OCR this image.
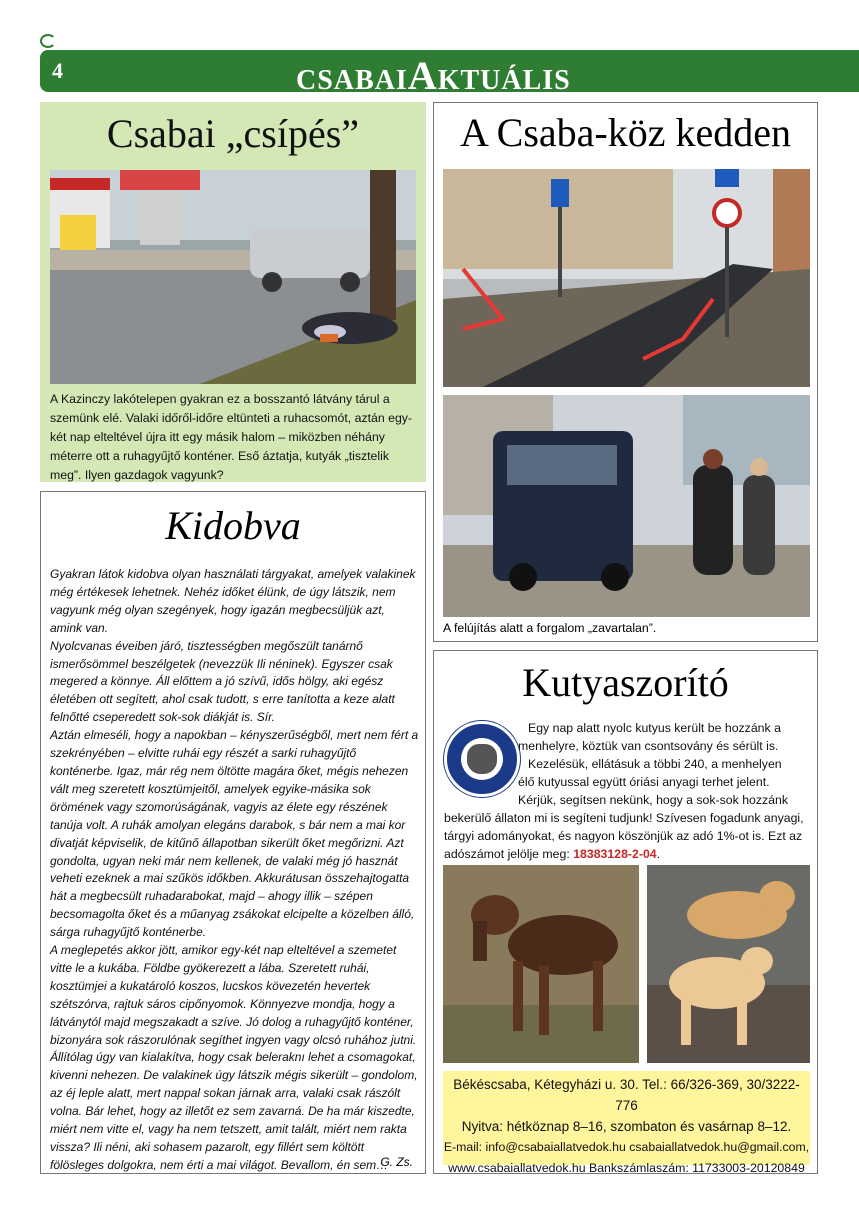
4	CSABAIAKTUÁLIS
Csabai „csípés”

A Kazinczy lakótelepen gyakran ez a bosszantó látvány tárul a szemünk elé. Valaki időről-időre eltünteti a ruhacsomót, aztán egy-két nap elteltével újra itt egy másik halom – miközben néhány méterre ott a ruhagyűjtő konténer. Eső áztatja, kutyák „tisztelik meg”. Ilyen gazdagok vagyunk?

Kidobva

Gyakran látok kidobva olyan használati tárgyakat, amelyek valakinek még értékesek lehetnek. Nehéz időket élünk, de úgy látszik, nem vagyunk még olyan szegények, hogy igazán megbecsüljük azt, amink van.
Nyolcvanas éveiben járó, tisztességben megőszült tanárnő ismerősömmel beszélgetek (nevezzük Ili néninek). Egyszer csak megered a könnye. Áll előttem a jó szívű, idős hölgy, aki egész életében ott segített, ahol csak tudott, s erre tanította a keze alatt felnőtté cseperedett sok-sok diákját is. Sír.
Aztán elmeséli, hogy a napokban – kényszerűségből, mert nem fért a szekrényében – elvitte ruhái egy részét a sarki ruhagyűjtő konténerbe. Igaz, már rég nem öltötte magára őket, mégis nehezen vált meg szeretett kosztümjeitől, amelyek egyike-másika sok örömének vagy szomorúságának, vagyis az élete egy részének tanúja volt. A ruhák amolyan elegáns darabok, s bár nem a mai kor divatját képviselik, de kitűnő állapotban sikerült őket megőrizni. Azt gondolta, ugyan neki már nem kellenek, de valaki még jó hasznát veheti ezeknek a mai szűkös időkben. Akkurátusan összehajtogatta hát a megbecsült ruhadarabokat, majd – ahogy illik – szépen becsomagolta őket és a műanyag zsákokat elcipelte a közelben álló, sárga ruhagyűjtő konténerbe.
A meglepetés akkor jött, amikor egy-két nap elteltével a szemetet vitte le a kukába. Földbe gyökerezett a lába. Szeretett ruhái, kosztümjei a kukatároló koszos, lucskos kövezetén hevertek szétszórva, rajtuk sáros cipőnyomok. Könnyezve mondja, hogy a látványtól majd megszakadt a szíve. Jó dolog a ruhagyűjtő konténer, bizonyára sok rászorulónak segíthet ingyen vagy olcsó ruhához jutni. Állítólag úgy van kialakítva, hogy csak beleraknı lehet a csomagokat, kivenni nehezen. De valakinek úgy látszik mégis sikerült – gondolom, az éj leple alatt, mert nappal sokan járnak arra, valaki csak rászólt volna. Bár lehet, hogy az illetőt ez sem zavarná. De ha már kiszedte, miért nem vitte el, vagy ha nem tetszett, amit talált, miért nem rakta vissza? Ili néni, aki sohasem pazarolt, egy fillért sem költött fölösleges dolgokra, nem érti a mai világot. Bevallom, én sem…

G. Zs.
A Csaba-köz kedden

A felújítás alatt a forgalom „zavartalan”.

Kutyaszorító
Egy nap alatt nyolc kutyus került be hozzánk a
menhelyre, köztük van csontsovány és sérült is.
Kezelésük, ellátásuk a többi 240, a menhelyen
élő kutyussal együtt óriási anyagi terhet jelent.
Kérjük, segítsen nekünk, hogy a sok-sok hozzánk bekerülő állaton mi is segíteni tudjunk! Szívesen fogadunk anyagi, tárgyi adományokat, és nagyon köszönjük az adó 1%-ot is. Ezt az adószámot jelölje meg: 18383128-2-04.
Békéscsaba, Kétegyházi u. 30. Tel.: 66/326-369, 30/3222-776
Nyitva: hétköznap 8–16, szombaton és vasárnap 8–12.
E-mail: info@csabaiallatvedok.hu csabaiallatvedok.hu@gmail.com,
www.csabaiallatvedok.hu Bankszámlaszám: 11733003-20120849
